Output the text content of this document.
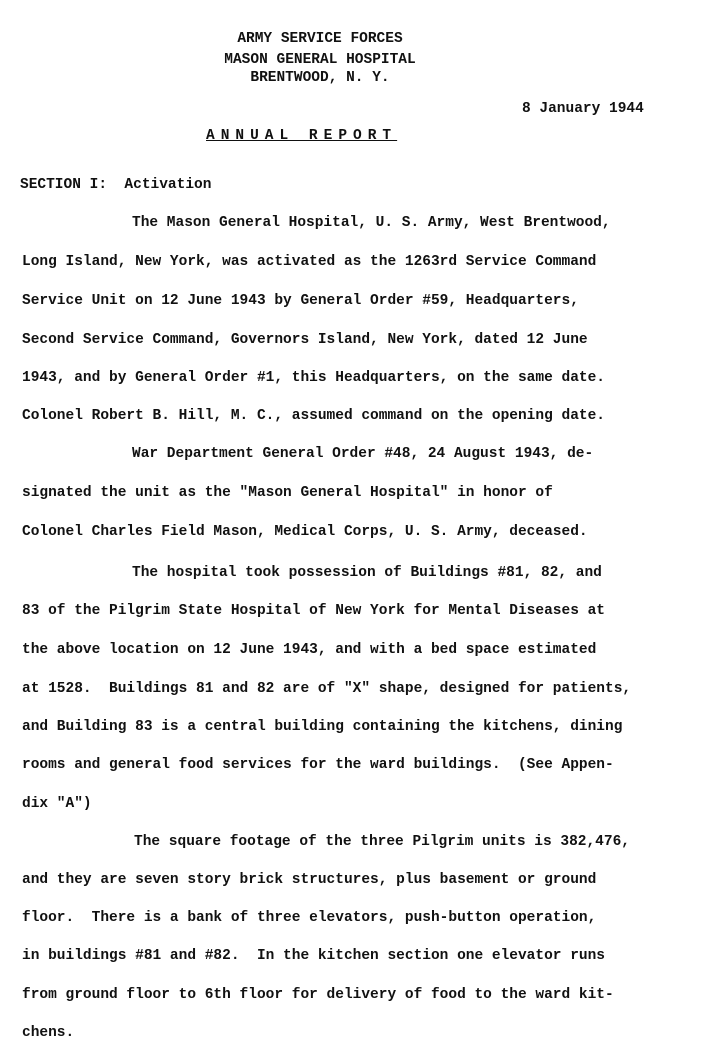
ARMY SERVICE FORCES
MASON GENERAL HOSPITAL
BRENTWOOD, N. Y.
8 January 1944
ANNUAL REPORT
SECTION I:  Activation
The Mason General Hospital, U. S. Army, West Brentwood,
Long Island, New York, was activated as the 1263rd Service Command
Service Unit on 12 June 1943 by General Order #59, Headquarters,
Second Service Command, Governors Island, New York, dated 12 June
1943, and by General Order #1, this Headquarters, on the same date.
Colonel Robert B. Hill, M. C., assumed command on the opening date.
War Department General Order #48, 24 August 1943, de-
signated the unit as the "Mason General Hospital" in honor of
Colonel Charles Field Mason, Medical Corps, U. S. Army, deceased.
The hospital took possession of Buildings #81, 82, and
83 of the Pilgrim State Hospital of New York for Mental Diseases at
the above location on 12 June 1943, and with a bed space estimated
at 1528.  Buildings 81 and 82 are of "X" shape, designed for patients,
and Building 83 is a central building containing the kitchens, dining
rooms and general food services for the ward buildings.  (See Appen-
dix "A")
The square footage of the three Pilgrim units is 382,476,
and they are seven story brick structures, plus basement or ground
floor.  There is a bank of three elevators, push-button operation,
in buildings #81 and #82.  In the kitchen section one elevator runs
from ground floor to 6th floor for delivery of food to the ward kit-
chens.
